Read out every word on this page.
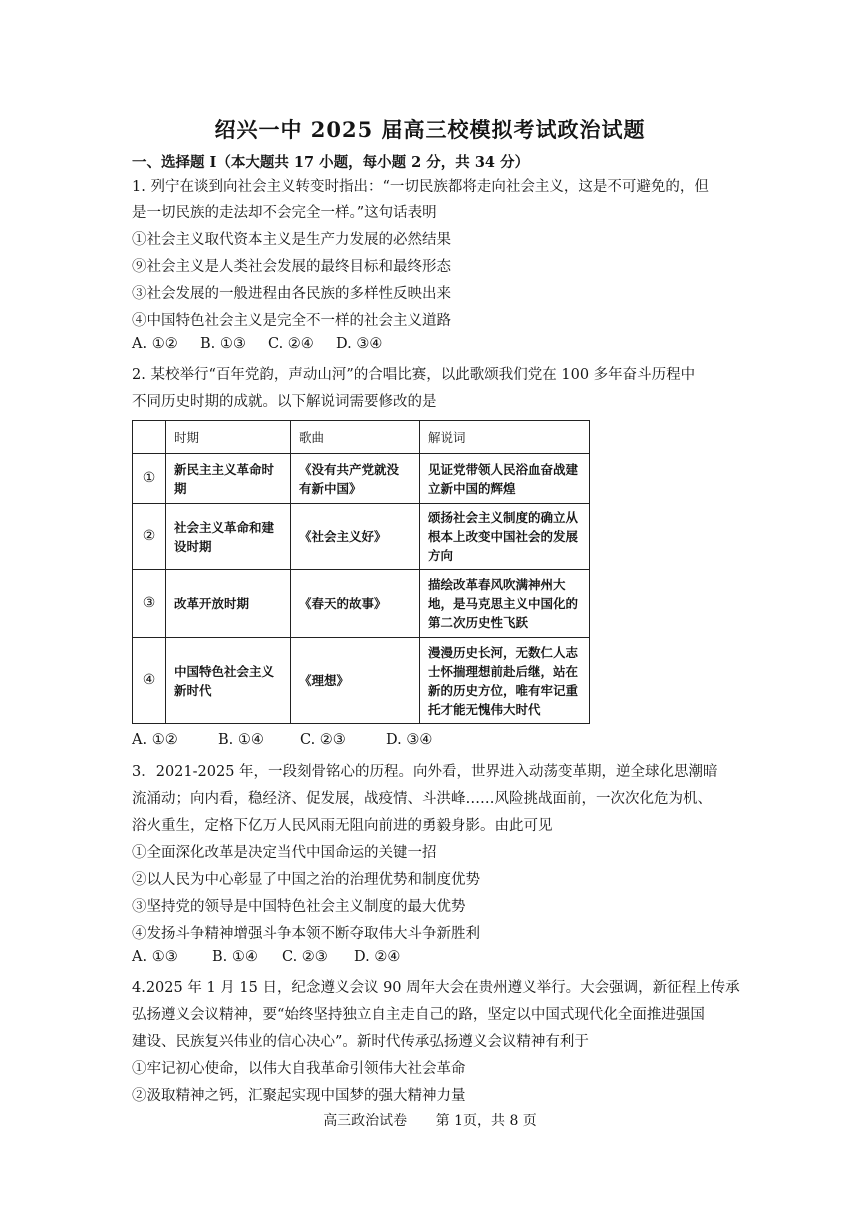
绍兴一中 2025 届高三校模拟考试政治试题
一、选择题 I（本大题共 17 小题，每小题 2 分，共 34 分）
1. 列宁在谈到向社会主义转变时指出：“一切民族都将走向社会主义，这是不可避免的，但
是一切民族的走法却不会完全一样。”这句话表明
①社会主义取代资本主义是生产力发展的必然结果
⑨社会主义是人类社会发展的最终目标和最终形态
③社会发展的一般进程由各民族的多样性反映出来
④中国特色社会主义是完全不一样的社会主义道路
A. ①② B. ①③ C. ②④ D. ③④
2. 某校举行“百年党韵，声动山河”的合唱比赛，以此歌颂我们党在 100 多年奋斗历程中
不同历史时期的成就。以下解说词需要修改的是
	时期	歌曲	解说词
①	新民主主义革命时期	《没有共产党就没有新中国》	见证党带领人民浴血奋战建立新中国的辉煌
②	社会主义革命和建设时期	《社会主义好》	颂扬社会主义制度的确立从根本上改变中国社会的发展方向
③	改革开放时期	《春天的故事》	描绘改革春风吹满神州大地，是马克思主义中国化的第二次历史性飞跃
④	中国特色社会主义新时代	《理想》	漫漫历史长河，无数仁人志士怀揣理想前赴后继，站在新的历史方位，唯有牢记重托才能无愧伟大时代
A. ①②	B. ①④ C. ②③	D. ③④
3．2021-2025 年，一段刻骨铭心的历程。向外看，世界进入动荡变革期，逆全球化思潮暗
流涌动；向内看，稳经济、促发展，战疫情、斗洪峰……风险挑战面前，一次次化危为机、
浴火重生，定格下亿万人民风雨无阻向前进的勇毅身影。由此可见
①全面深化改革是决定当代中国命运的关键一招
②以人民为中心彰显了中国之治的治理优势和制度优势
③坚持党的领导是中国特色社会主义制度的最大优势
④发扬斗争精神增强斗争本领不断夺取伟大斗争新胜利
A. ①③ B. ①④ C. ②③ D. ②④
4.2025 年 1 月 15 日，纪念遵义会议 90 周年大会在贵州遵义举行。大会强调，新征程上传承
弘扬遵义会议精神，要“始终坚持独立自主走自己的路，坚定以中国式现代化全面推进强国
建设、民族复兴伟业的信心决心”。新时代传承弘扬遵义会议精神有利于
①牢记初心使命，以伟大自我革命引领伟大社会革命
②汲取精神之钙，汇聚起实现中国梦的强大精神力量
高三政治试卷 第 1页，共 8 页
